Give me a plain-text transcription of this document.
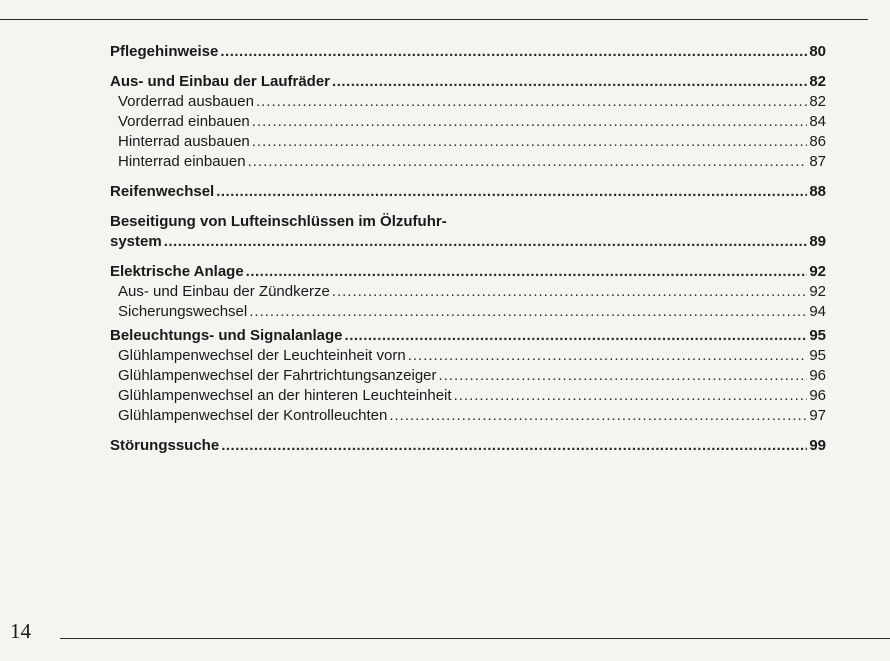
Pflegehinweise .....	80
Aus- und Einbau der Laufräder .....	82
Vorderrad ausbauen .....	82
Vorderrad einbauen .....	84
Hinterrad ausbauen .....	86
Hinterrad einbauen .....	87
Reifenwechsel .....	88
Beseitigung von Lufteinschlüssen im Ölzufuhr-
system .....	89
Elektrische Anlage .....	92
Aus- und Einbau der Zündkerze .....	92
Sicherungswechsel .....	94
Beleuchtungs- und Signalanlage .....	95
Glühlampenwechsel der Leuchteinheit vorn .....	95
Glühlampenwechsel der Fahrtrichtungsanzeiger .....	96
Glühlampenwechsel an der hinteren Leuchteinheit .....	96
Glühlampenwechsel der Kontrolleuchten .....	97
Störungssuche .....	99
14
